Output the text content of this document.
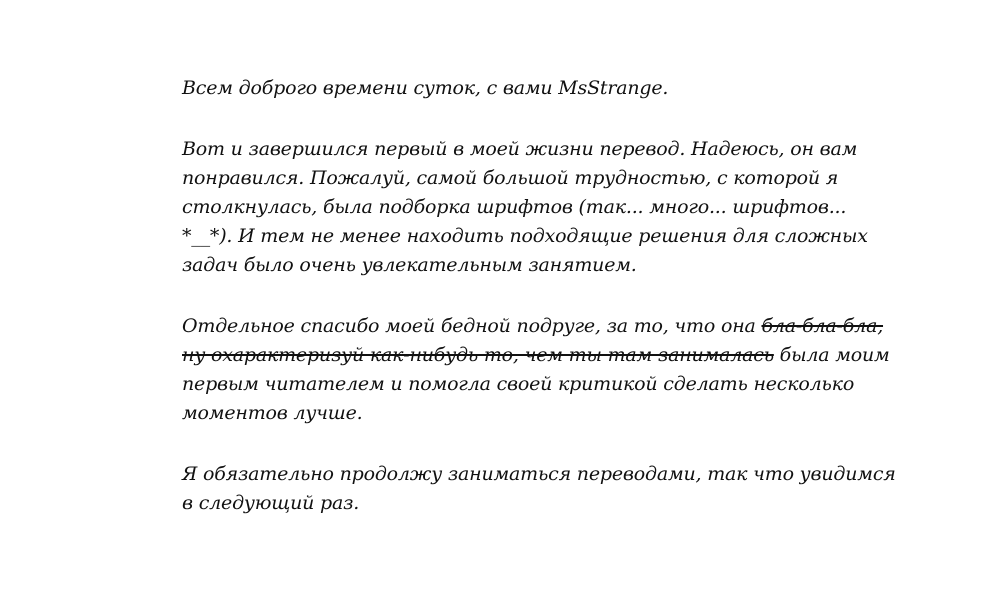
Всем доброго времени суток, с вами MsStrange.

Вот и завершился первый в моей жизни перевод. Надеюсь, он вам
понравился. Пожалуй, самой большой трудностью, с которой я
столкнулась, была подборка шрифтов (так... много... шрифтов...
*__*). И тем не менее находить подходящие решения для сложных
задач было очень увлекательным занятием.

Отдельное спасибо моей бедной подруге, за то, что она бла-бла-бла,
ну охарактеризуй как-нибудь то, чем ты там занималась была моим
первым читателем и помогла своей критикой сделать несколько
моментов лучше.

Я обязательно продолжу заниматься переводами, так что увидимся
в следующий раз.
